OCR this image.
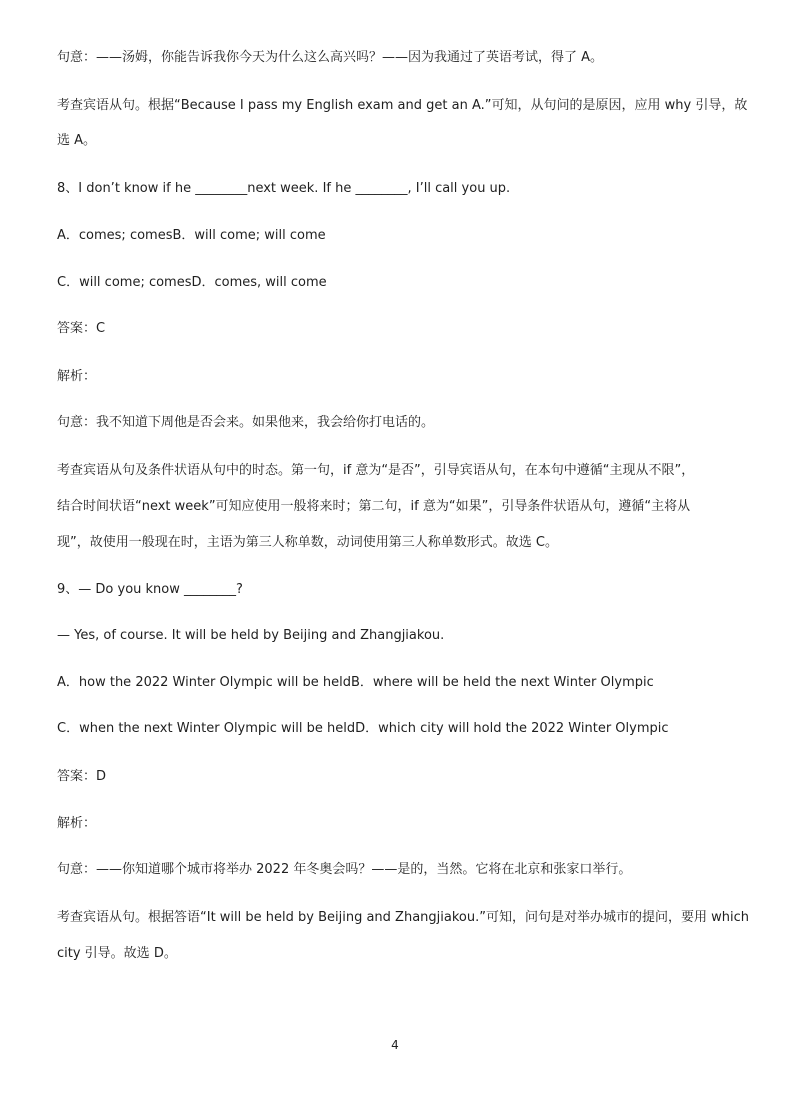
句意：——汤姆，你能告诉我你今天为什么这么高兴吗？——因为我通过了英语考试，得了 A。
考查宾语从句。根据“Because I pass my English exam and get an A.”可知，从句问的是原因，应用 why 引导，故
选 A。
8、I don’t know if he ________next week. If he ________, I’ll call you up.
A．comes; comesB．will come; will come
C．will come; comesD．comes, will come
答案：C
解析：
句意：我不知道下周他是否会来。如果他来，我会给你打电话的。
考查宾语从句及条件状语从句中的时态。第一句，if 意为“是否”，引导宾语从句，在本句中遵循“主现从不限”，
结合时间状语“next week”可知应使用一般将来时；第二句，if 意为“如果”，引导条件状语从句，遵循“主将从
现”，故使用一般现在时，主语为第三人称单数，动词使用第三人称单数形式。故选 C。
9、— Do you know ________?
— Yes, of course. It will be held by Beijing and Zhangjiakou.
A．how the 2022 Winter Olympic will be heldB．where will be held the next Winter Olympic
C．when the next Winter Olympic will be heldD．which city will hold the 2022 Winter Olympic
答案：D
解析：
句意：——你知道哪个城市将举办 2022 年冬奥会吗？——是的，当然。它将在北京和张家口举行。
考查宾语从句。根据答语“It will be held by Beijing and Zhangjiakou.”可知，问句是对举办城市的提问，要用 which
city 引导。故选 D。
4
